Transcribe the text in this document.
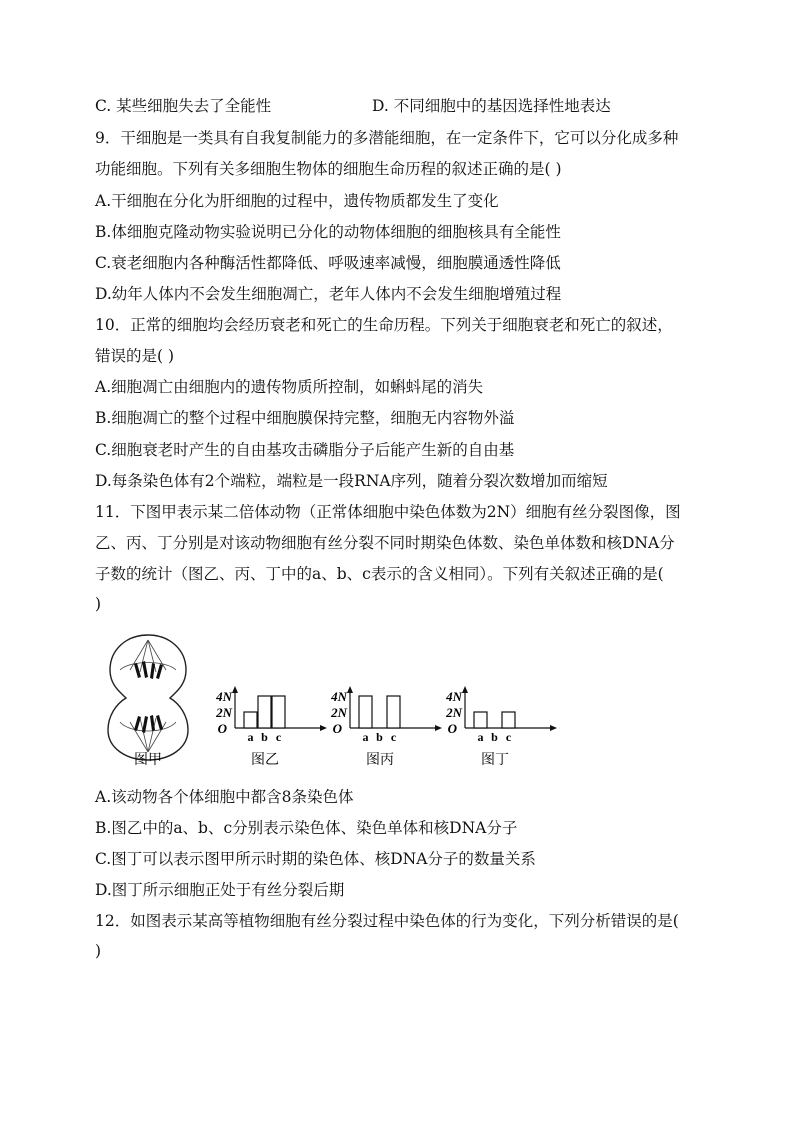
C. 某些细胞失去了全能性	D. 不同细胞中的基因选择性地表达
9．干细胞是一类具有自我复制能力的多潜能细胞，在一定条件下，它可以分化成多种
功能细胞。下列有关多细胞生物体的细胞生命历程的叙述正确的是( )
A.干细胞在分化为肝细胞的过程中，遗传物质都发生了变化
B.体细胞克隆动物实验说明已分化的动物体细胞的细胞核具有全能性
C.衰老细胞内各种酶活性都降低、呼吸速率减慢，细胞膜通透性降低
D.幼年人体内不会发生细胞凋亡，老年人体内不会发生细胞增殖过程
10．正常的细胞均会经历衰老和死亡的生命历程。下列关于细胞衰老和死亡的叙述，
错误的是( )
A.细胞凋亡由细胞内的遗传物质所控制，如蝌蚪尾的消失
B.细胞凋亡的整个过程中细胞膜保持完整，细胞无内容物外溢
C.细胞衰老时产生的自由基攻击磷脂分子后能产生新的自由基
D.每条染色体有2个端粒，端粒是一段RNA序列，随着分裂次数增加而缩短
11．下图甲表示某二倍体动物（正常体细胞中染色体数为2N）细胞有丝分裂图像，图
乙、丙、丁分别是对该动物细胞有丝分裂不同时期染色体数、染色单体数和核DNA分
子数的统计（图乙、丙、丁中的a、b、c表示的含义相同）。下列有关叙述正确的是(
)
图甲
4N
2N
O
a b c
图乙
4N
2N
O
a b c
图丙
4N
2N
O
a b c
图丁
A.该动物各个体细胞中都含8条染色体
B.图乙中的a、b、c分别表示染色体、染色单体和核DNA分子
C.图丁可以表示图甲所示时期的染色体、核DNA分子的数量关系
D.图丁所示细胞正处于有丝分裂后期
12．如图表示某高等植物细胞有丝分裂过程中染色体的行为变化，下列分析错误的是(
)
